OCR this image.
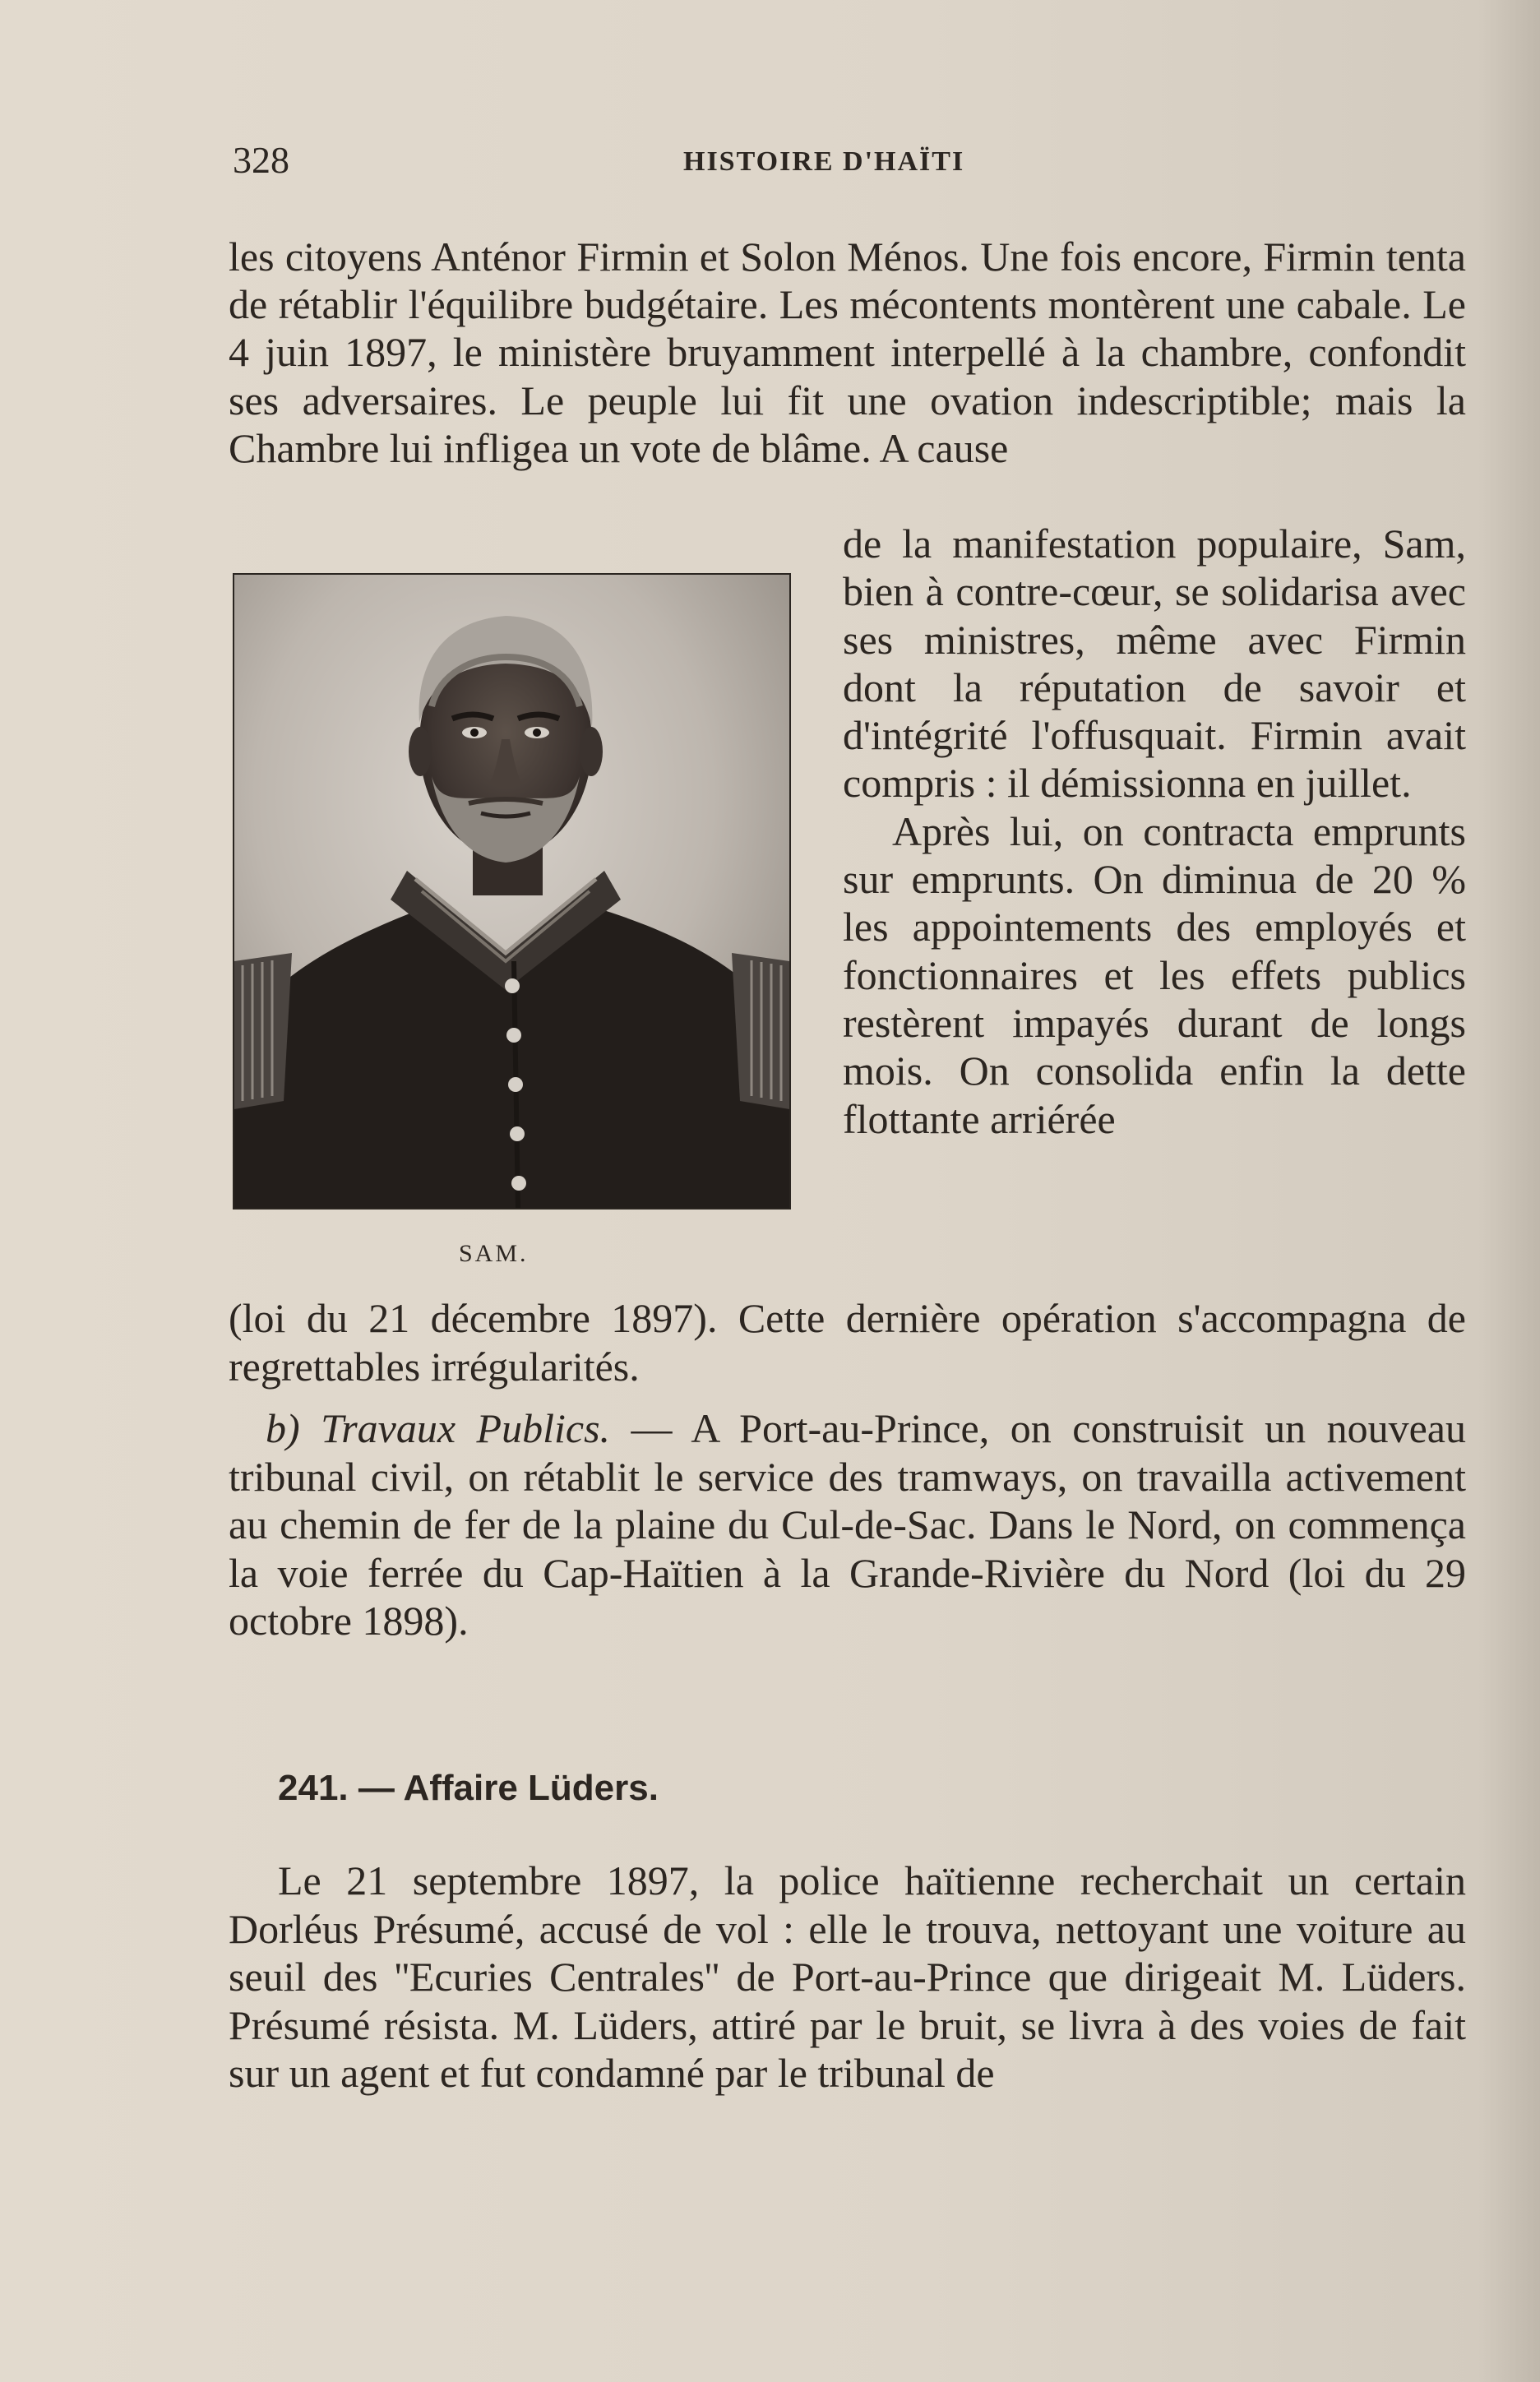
328	HISTOIRE D'HAÏTI

les citoyens Anténor Firmin et Solon Ménos. Une fois encore, Firmin tenta de rétablir l'équilibre budgétaire. Les mécontents montèrent une cabale. Le 4 juin 1897, le ministère bruyamment interpellé à la chambre, confondit ses adversaires. Le peuple lui fit une ovation indescriptible; mais la Chambre lui infligea un vote de blâme. A cause

SAM.

de la manifestation populaire, Sam, bien à contre-cœur, se solidarisa avec ses ministres, même avec Firmin dont la réputation de savoir et d'intégrité l'offusquait. Firmin avait compris : il démissionna en juillet.

Après lui, on contracta emprunts sur emprunts. On diminua de 20 % les appointements des employés et fonctionnaires et les effets publics restèrent impayés durant de longs mois. On consolida enfin la dette flottante arriérée

(loi du 21 décembre 1897). Cette dernière opération s'accompagna de regrettables irrégularités.

b) Travaux Publics. — A Port-au-Prince, on construisit un nouveau tribunal civil, on rétablit le service des tramways, on travailla activement au chemin de fer de la plaine du Cul-de-Sac. Dans le Nord, on commença la voie ferrée du Cap-Haïtien à la Grande-Rivière du Nord (loi du 29 octobre 1898).

241. — Affaire Lüders.

Le 21 septembre 1897, la police haïtienne recherchait un certain Dorléus Présumé, accusé de vol : elle le trouva, nettoyant une voiture au seuil des ''Ecuries Centrales'' de Port-au-Prince que dirigeait M. Lüders. Présumé résista. M. Lüders, attiré par le bruit, se livra à des voies de fait sur un agent et fut condamné par le tribunal de
